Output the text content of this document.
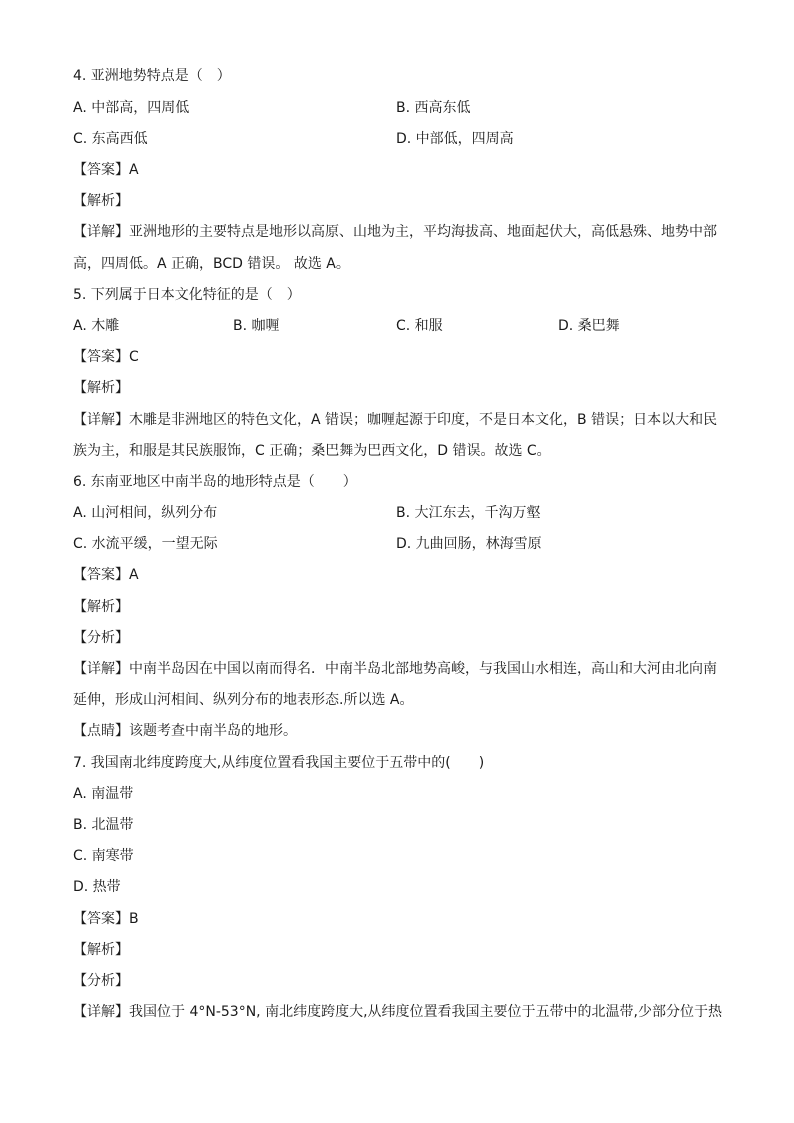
4. 亚洲地势特点是（　）
A. 中部高，四周低	B. 西高东低
C. 东高西低	D. 中部低，四周高
【答案】A
【解析】
【详解】亚洲地形的主要特点是地形以高原、山地为主，平均海拔高、地面起伏大，高低悬殊、地势中部
高，四周低。A 正确，BCD 错误。 故选 A。
5. 下列属于日本文化特征的是（　）
A. 木雕	B. 咖喱	C. 和服	D. 桑巴舞
【答案】C
【解析】
【详解】木雕是非洲地区的特色文化，A 错误；咖喱起源于印度，不是日本文化，B 错误；日本以大和民
族为主，和服是其民族服饰，C 正确；桑巴舞为巴西文化，D 错误。故选 C。
6. 东南亚地区中南半岛的地形特点是（　　）
A. 山河相间，纵列分布	B. 大江东去，千沟万壑
C. 水流平缓，一望无际	D. 九曲回肠，林海雪原
【答案】A
【解析】
【分析】
【详解】中南半岛因在中国以南而得名．中南半岛北部地势高峻，与我国山水相连，高山和大河由北向南
延伸，形成山河相间、纵列分布的地表形态.所以选 A。
【点睛】该题考查中南半岛的地形。
7. 我国南北纬度跨度大,从纬度位置看我国主要位于五带中的(　　)
A. 南温带
B. 北温带
C. 南寒带
D. 热带
【答案】B
【解析】
【分析】
【详解】我国位于 4°N-53°N, 南北纬度跨度大,从纬度位置看我国主要位于五带中的北温带,少部分位于热
